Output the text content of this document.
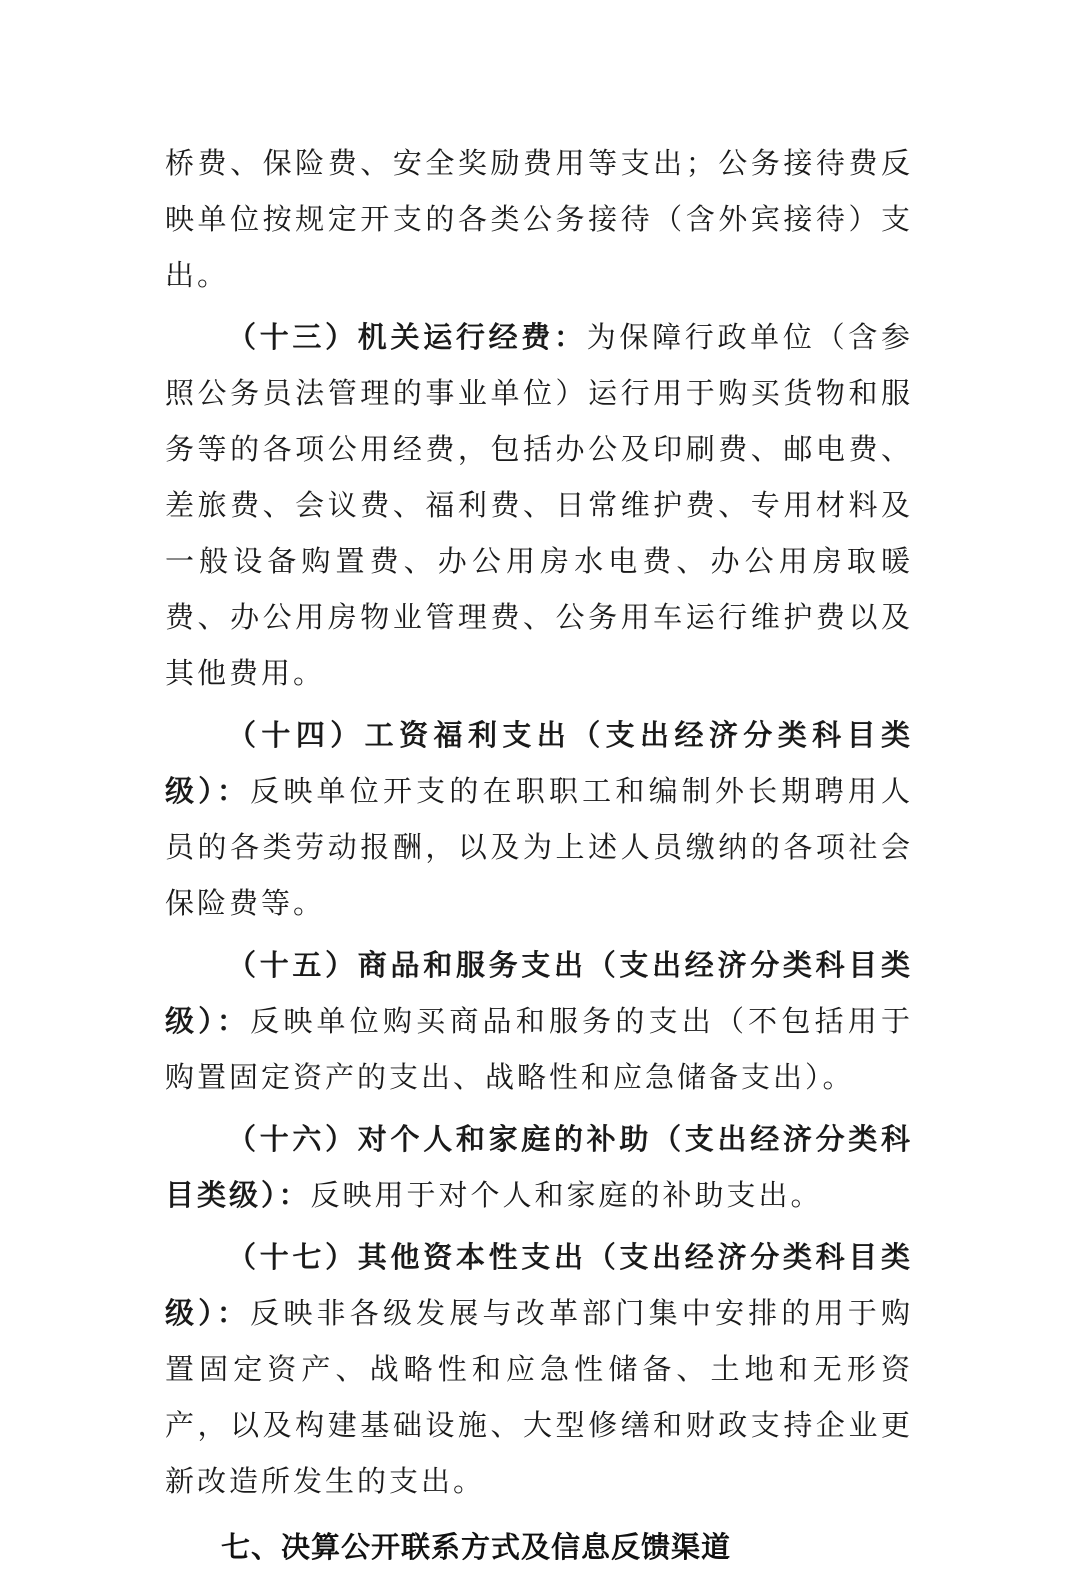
桥费、保险费、安全奖励费用等支出；公务接待费反映单位按规定开支的各类公务接待（含外宾接待）支出。

（十三）机关运行经费：为保障行政单位（含参照公务员法管理的事业单位）运行用于购买货物和服务等的各项公用经费，包括办公及印刷费、邮电费、差旅费、会议费、福利费、日常维护费、专用材料及一般设备购置费、办公用房水电费、办公用房取暖费、办公用房物业管理费、公务用车运行维护费以及其他费用。

（十四）工资福利支出（支出经济分类科目类级）：反映单位开支的在职职工和编制外长期聘用人员的各类劳动报酬，以及为上述人员缴纳的各项社会保险费等。

（十五）商品和服务支出（支出经济分类科目类级）：反映单位购买商品和服务的支出（不包括用于购置固定资产的支出、战略性和应急储备支出）。

（十六）对个人和家庭的补助（支出经济分类科目类级）：反映用于对个人和家庭的补助支出。

（十七）其他资本性支出（支出经济分类科目类级）：反映非各级发展与改革部门集中安排的用于购置固定资产、战略性和应急性储备、土地和无形资产，以及构建基础设施、大型修缮和财政支持企业更新改造所发生的支出。

七、决算公开联系方式及信息反馈渠道
